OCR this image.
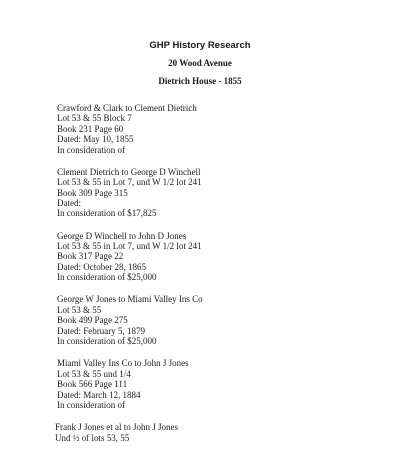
GHP History Research

20 Wood Avenue

Dietrich House - 1855

Crawford & Clark to Clement Dietrich
Lot 53 & 55 Block 7
Book 231 Page 60
Dated: May 10, 1855
In consideration of
Clement Dietrich to George D Winchell
Lot 53 & 55 in Lot 7, und W 1/2 lot 241
Book 309 Page 315
Dated:
In consideration of $17,825
George D Winchell to John D Jones
Lot 53 & 55 in Lot 7, und W 1/2 lot 241
Book 317 Page 22
Dated: October 28, 1865
In consideration of $25,000
George W Jones to Miami Valley Ins Co
Lot 53 & 55
Book 499 Page 275
Dated: February 5, 1879
In consideration of $25,000
Miami Valley Ins Co to John J Jones
Lot 53 & 55 und 1/4
Book 566 Page 111
Dated: March 12, 1884
In consideration of
Frank J Jones et al to John J Jones
Und ½ of lots 53, 55
